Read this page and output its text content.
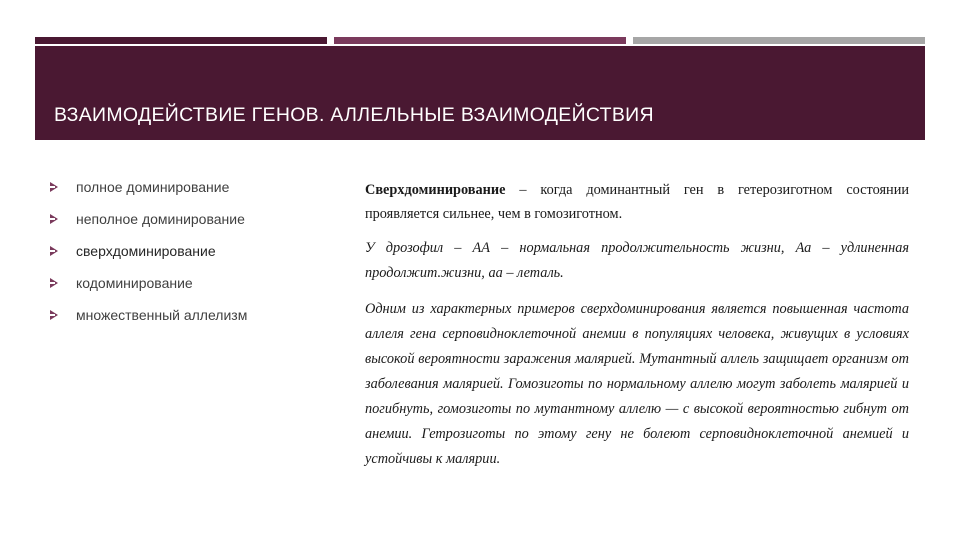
ВЗАИМОДЕЙСТВИЕ ГЕНОВ. АЛЛЕЛЬНЫЕ ВЗАИМОДЕЙСТВИЯ
полное доминирование
неполное доминирование
сверхдоминирование
кодоминирование
множественный аллелизм

Сверхдоминирование – когда доминантный ген в гетерозиготном состоянии проявляется сильнее, чем в гомозиготном.

У дрозофил – АА – нормальная продолжительность жизни, Аа – удлиненная продолжит.жизни, аа – леталь.

Одним из характерных примеров сверхдоминирования является повышенная частота аллеля гена серповидноклеточной анемии в популяциях человека, живущих в условиях высокой вероятности заражения малярией. Мутантный аллель защищает организм от заболевания малярией. Гомозиготы по нормальному аллелю могут заболеть малярией и погибнуть, гомозиготы по мутантному аллелю — с высокой вероятностью гибнут от анемии. Гетрозиготы по этому гену не болеют серповидноклеточной анемией и устойчивы к малярии.
